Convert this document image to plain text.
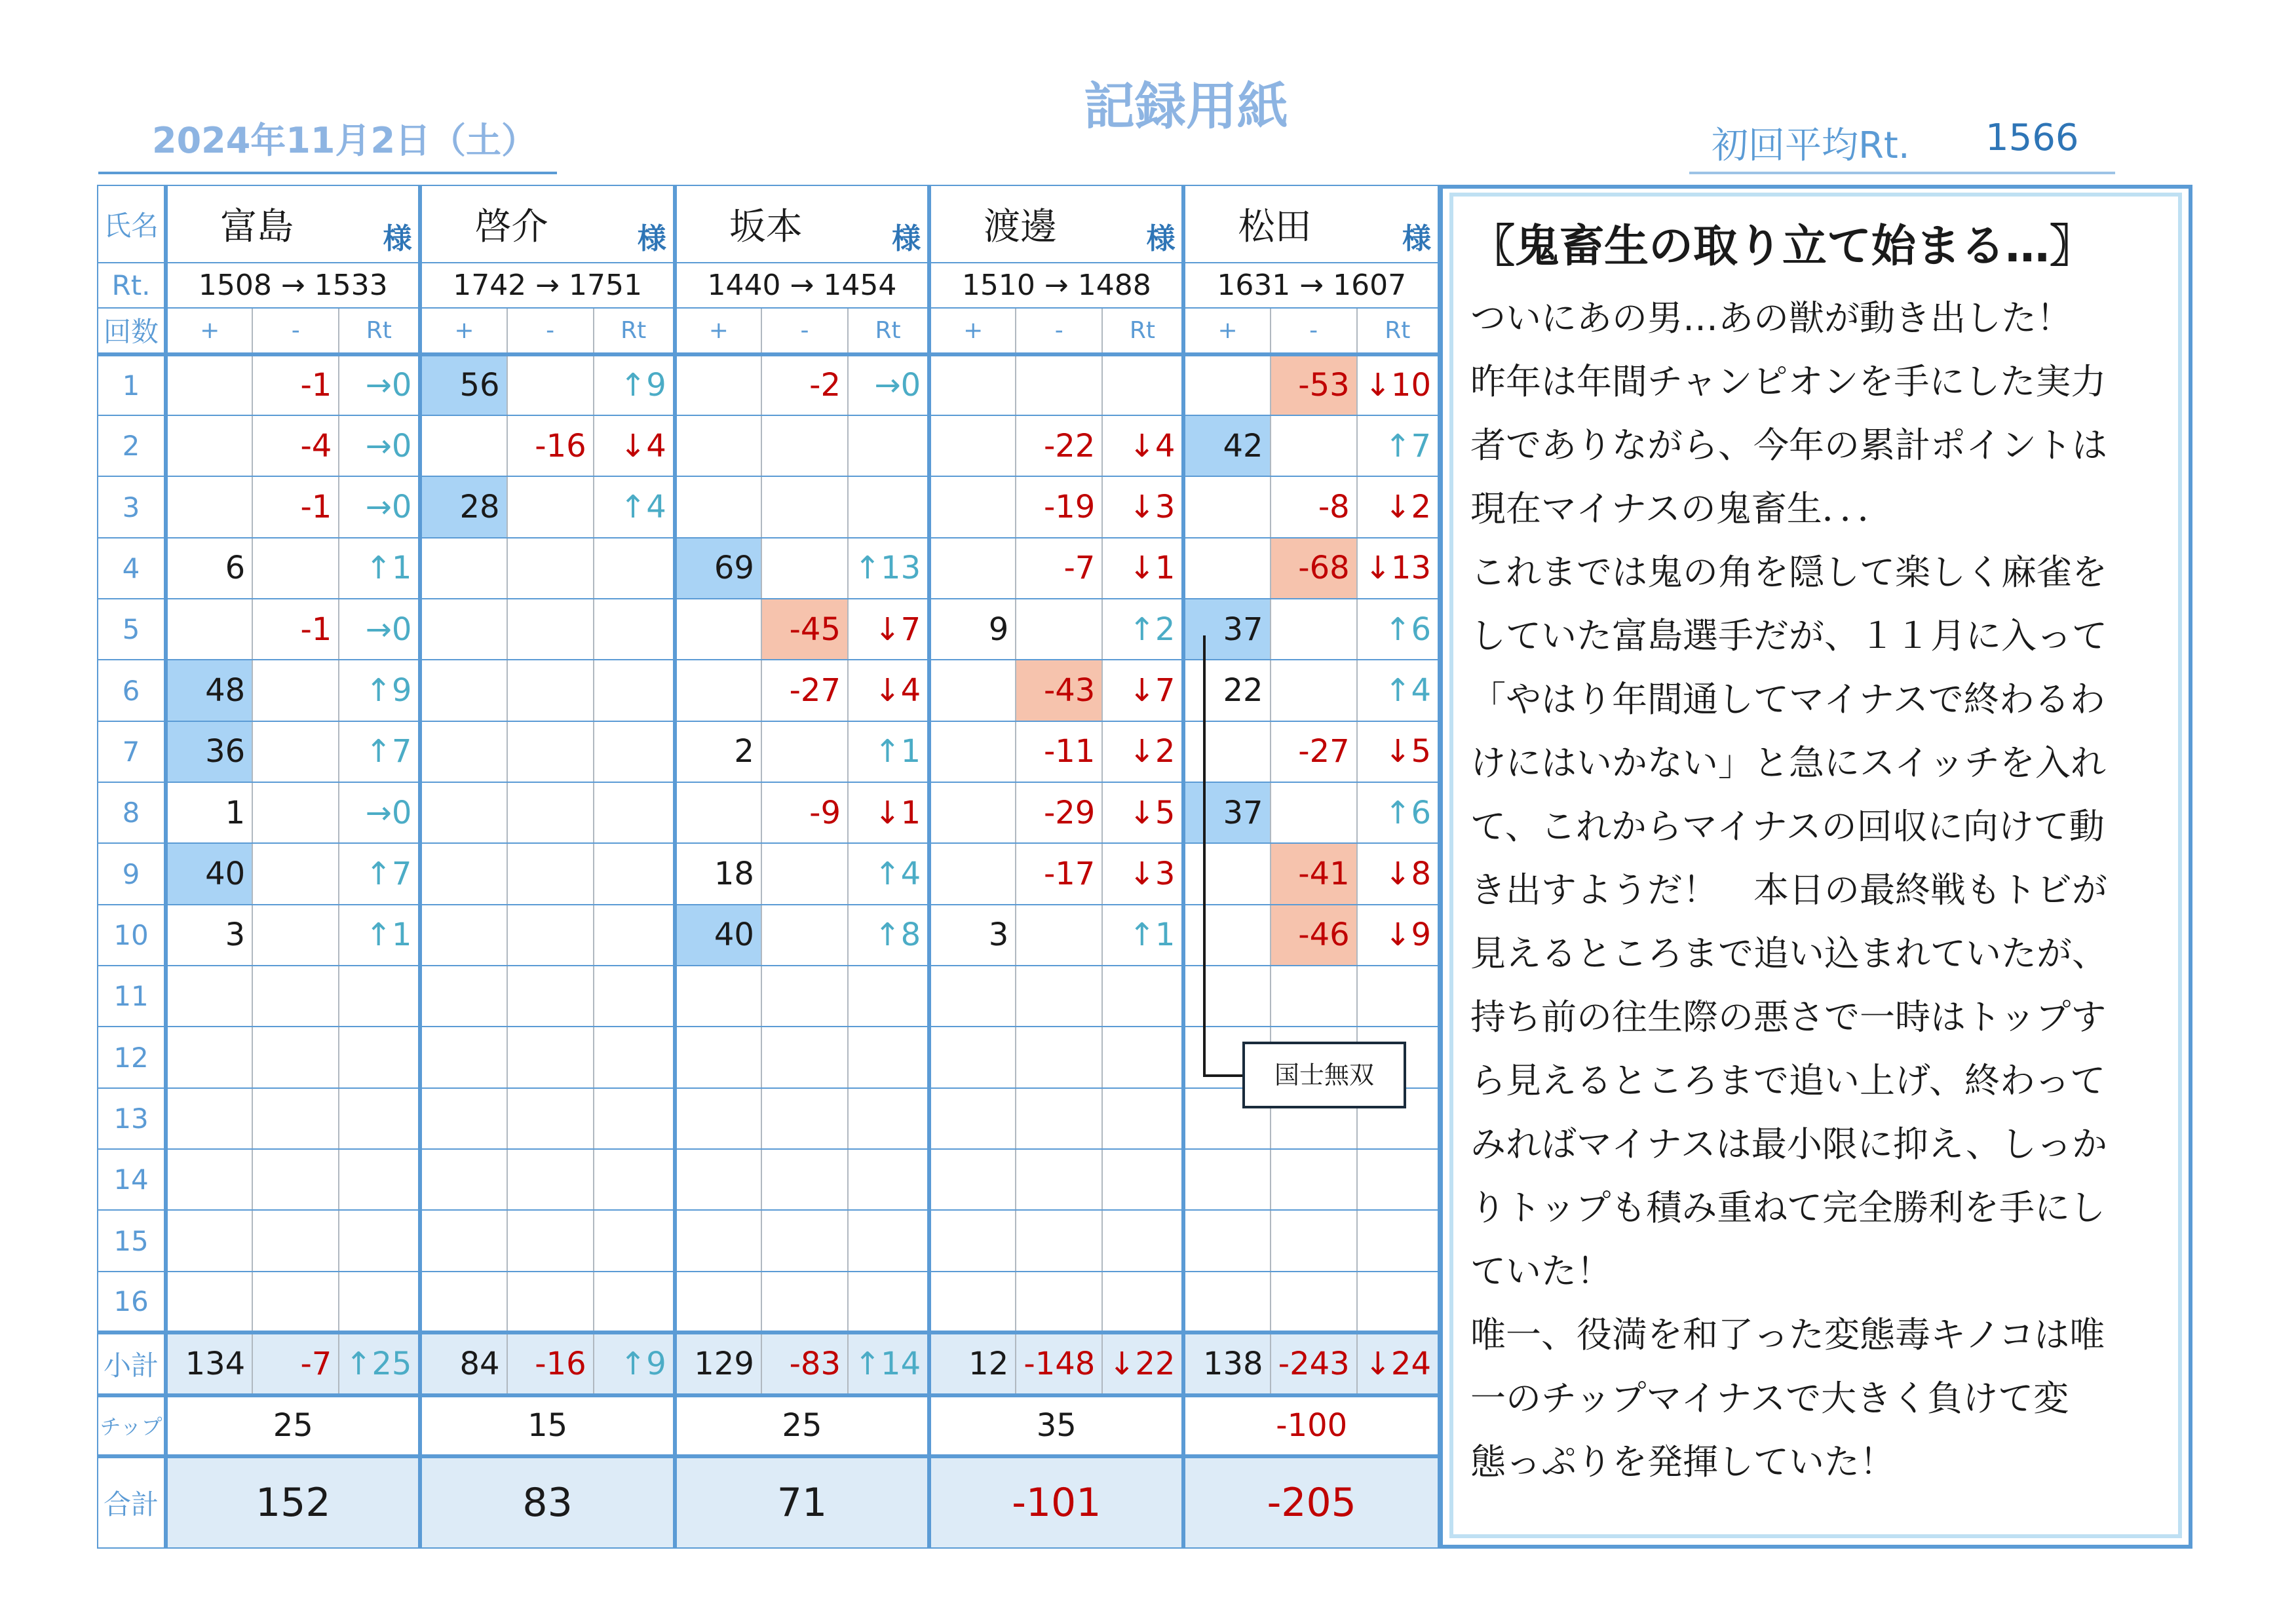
記録用紙
2024年11月2日（土）	初回平均Rt. 1566
氏名	富島 様			啓介 様			坂本 様			渡邊 様			松田 様		

Rt.	1508 → 1533			1742 → 1751			1440 → 1454			1510 → 1488			1631 → 1607		
回数	+	-	Rt	+	-	Rt	+	-	Rt	+	-	Rt	+	-	Rt
1		-1	→0	56		↑9		-2	→0					-53	↓10
2		-4	→0		-16	↓4					-22	↓4	42		↑7
3		-1	→0	28		↑4					-19	↓3		-8	↓2
4	6		↑1				69		↑13		-7	↓1		-68	↓13
5		-1	→0					-45	↓7	9		↑2	37		↑6
6	48		↑9					-27	↓4		-43	↓7	22		↑4
7	36		↑7				2		↑1		-11	↓2		-27	↓5
8	1		→0					-9	↓1		-29	↓5	37		↑6
9	40		↑7				18		↑4		-17	↓3		-41	↓8
10	3		↑1				40		↑8	3		↑1		-46	↓9
11															
12															
13															
14															
15															
16															
小計	134	-7	↑25	84	-16	↑9	129	-83	↑14	12	-148	↓22	138	-243	↓24
チップ	25			15			25			35			-100		
合計	152			83			71			-101			-205		
国士無双
〖鬼畜生の取り立て始まる…〗
ついにあの男…あの獣が動き出した！
昨年は年間チャンピオンを手にした実力
者でありながら、今年の累計ポイントは
現在マイナスの鬼畜生．．．
これまでは鬼の角を隠して楽しく麻雀を
していた富島選手だが、１１月に入って
「やはり年間通してマイナスで終わるわ
けにはいかない」と急にスイッチを入れ
て、これからマイナスの回収に向けて動
き出すようだ！　本日の最終戦もトビが
見えるところまで追い込まれていたが、
持ち前の往生際の悪さで一時はトップす
ら見えるところまで追い上げ、終わって
みればマイナスは最小限に抑え、しっか
りトップも積み重ねて完全勝利を手にし
ていた！
唯一、役満を和了った変態毒キノコは唯
一のチップマイナスで大きく負けて変
態っぷりを発揮していた！
